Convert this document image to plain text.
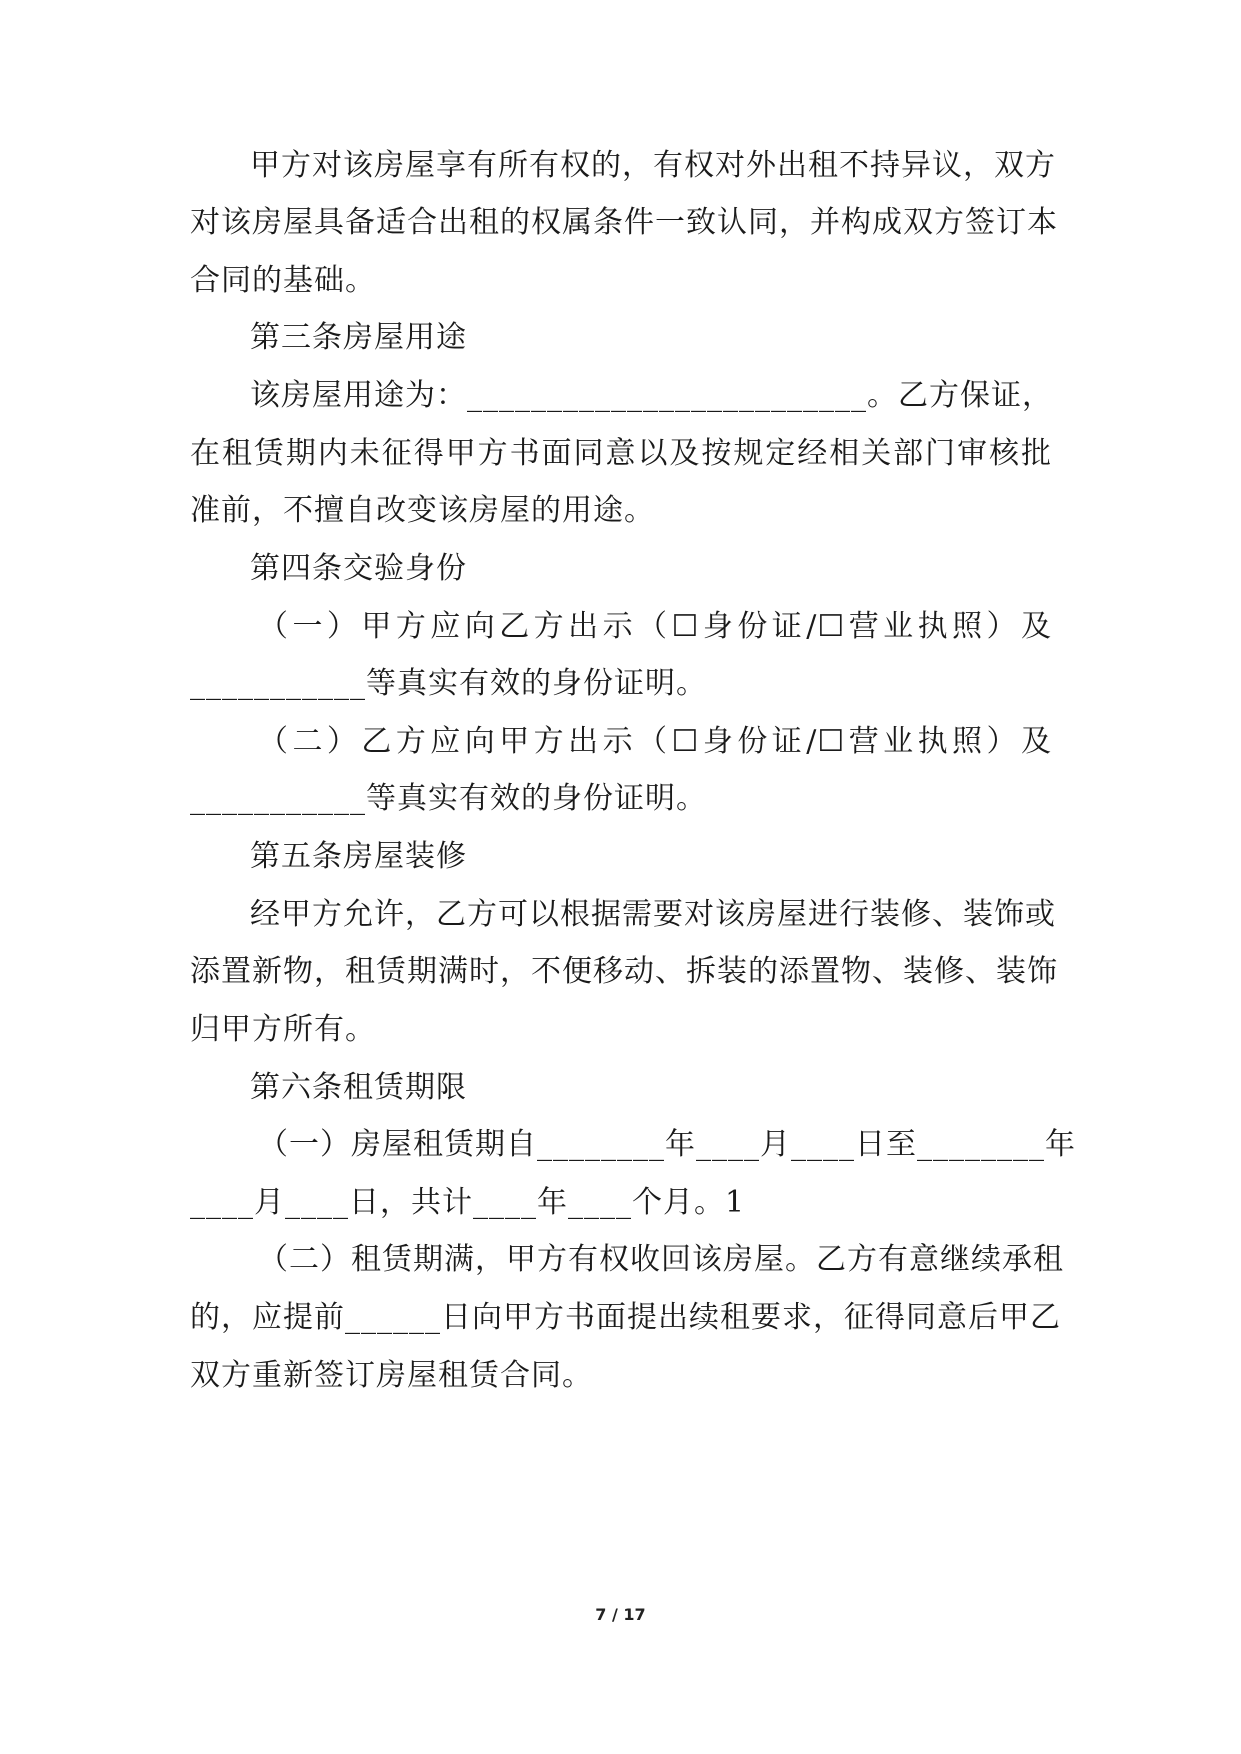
甲方对该房屋享有所有权的，有权对外出租不持异议，双方
对该房屋具备适合出租的权属条件一致认同，并构成双方签订本
合同的基础。
第三条房屋用途
该房屋用途为：_________________________。乙方保证，
在租赁期内未征得甲方书面同意以及按规定经相关部门审核批
准前，不擅自改变该房屋的用途。
第四条交验身份
（一）甲方应向乙方出示（☐身份证/☐营业执照）及
___________等真实有效的身份证明。
（二）乙方应向甲方出示（☐身份证/☐营业执照）及
___________等真实有效的身份证明。
第五条房屋装修
经甲方允许，乙方可以根据需要对该房屋进行装修、装饰或
添置新物，租赁期满时，不便移动、拆装的添置物、装修、装饰
归甲方所有。
第六条租赁期限
（一）房屋租赁期自________年____月____日至________年
____月____日，共计____年____个月。1
（二）租赁期满，甲方有权收回该房屋。乙方有意继续承租
的，应提前______日向甲方书面提出续租要求，征得同意后甲乙
双方重新签订房屋租赁合同。
7 / 17
